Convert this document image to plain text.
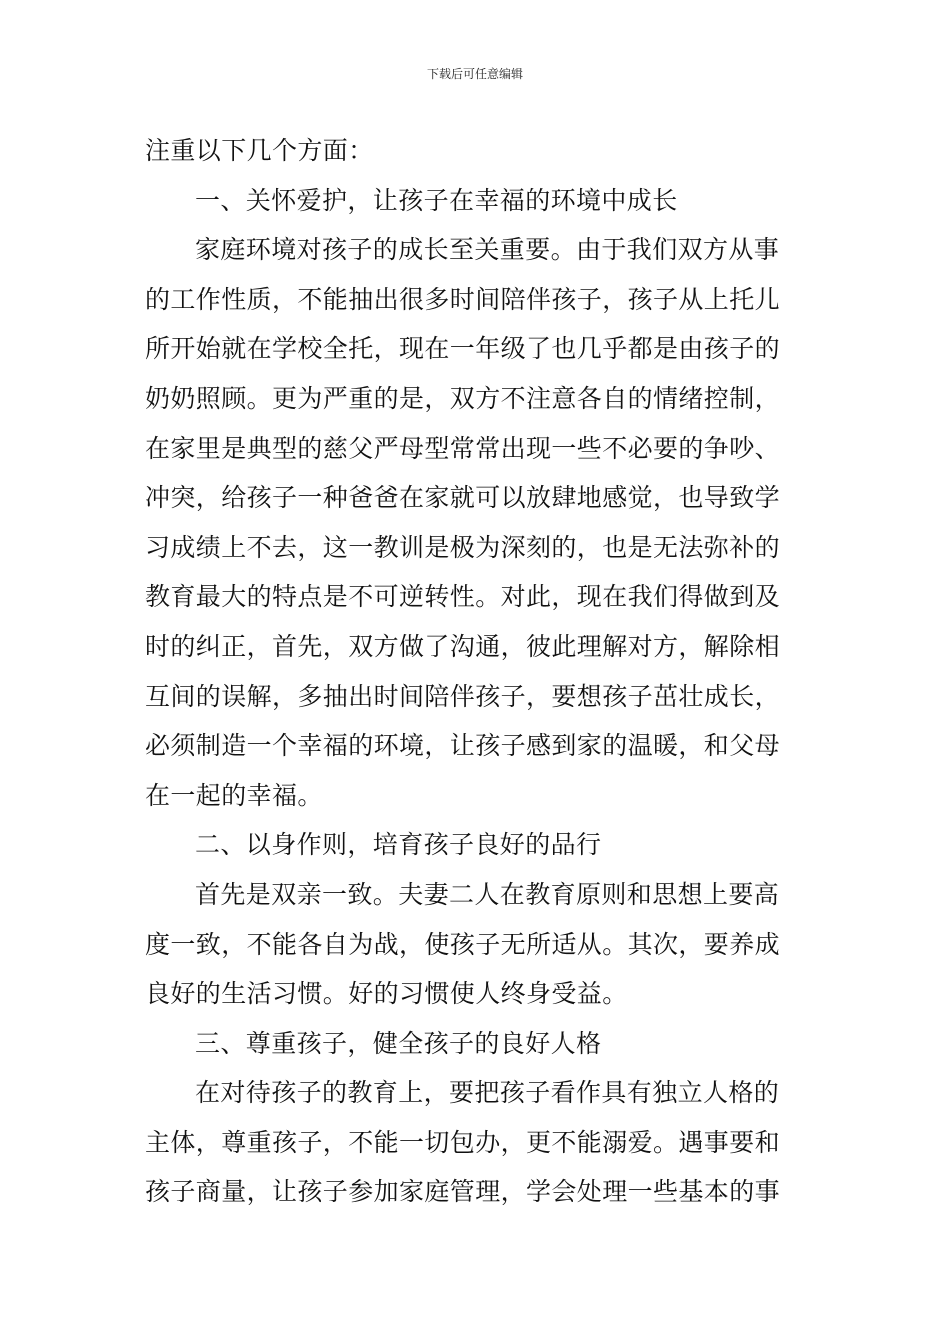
下载后可任意编辑
注重以下几个方面：
一、关怀爱护，让孩子在幸福的环境中成长
家庭环境对孩子的成长至关重要。由于我们双方从事
的工作性质，不能抽出很多时间陪伴孩子，孩子从上托儿
所开始就在学校全托，现在一年级了也几乎都是由孩子的
奶奶照顾。更为严重的是，双方不注意各自的情绪控制，
在家里是典型的慈父严母型常常出现一些不必要的争吵、
冲突，给孩子一种爸爸在家就可以放肆地感觉，也导致学
习成绩上不去，这一教训是极为深刻的，也是无法弥补的
教育最大的特点是不可逆转性。对此，现在我们得做到及
时的纠正，首先，双方做了沟通，彼此理解对方，解除相
互间的误解，多抽出时间陪伴孩子，要想孩子茁壮成长，
必须制造一个幸福的环境，让孩子感到家的温暖，和父母
在一起的幸福。
二、以身作则，培育孩子良好的品行
首先是双亲一致。夫妻二人在教育原则和思想上要高
度一致，不能各自为战，使孩子无所适从。其次，要养成
良好的生活习惯。好的习惯使人终身受益。
三、尊重孩子，健全孩子的良好人格
在对待孩子的教育上，要把孩子看作具有独立人格的
主体，尊重孩子，不能一切包办，更不能溺爱。遇事要和
孩子商量，让孩子参加家庭管理，学会处理一些基本的事
